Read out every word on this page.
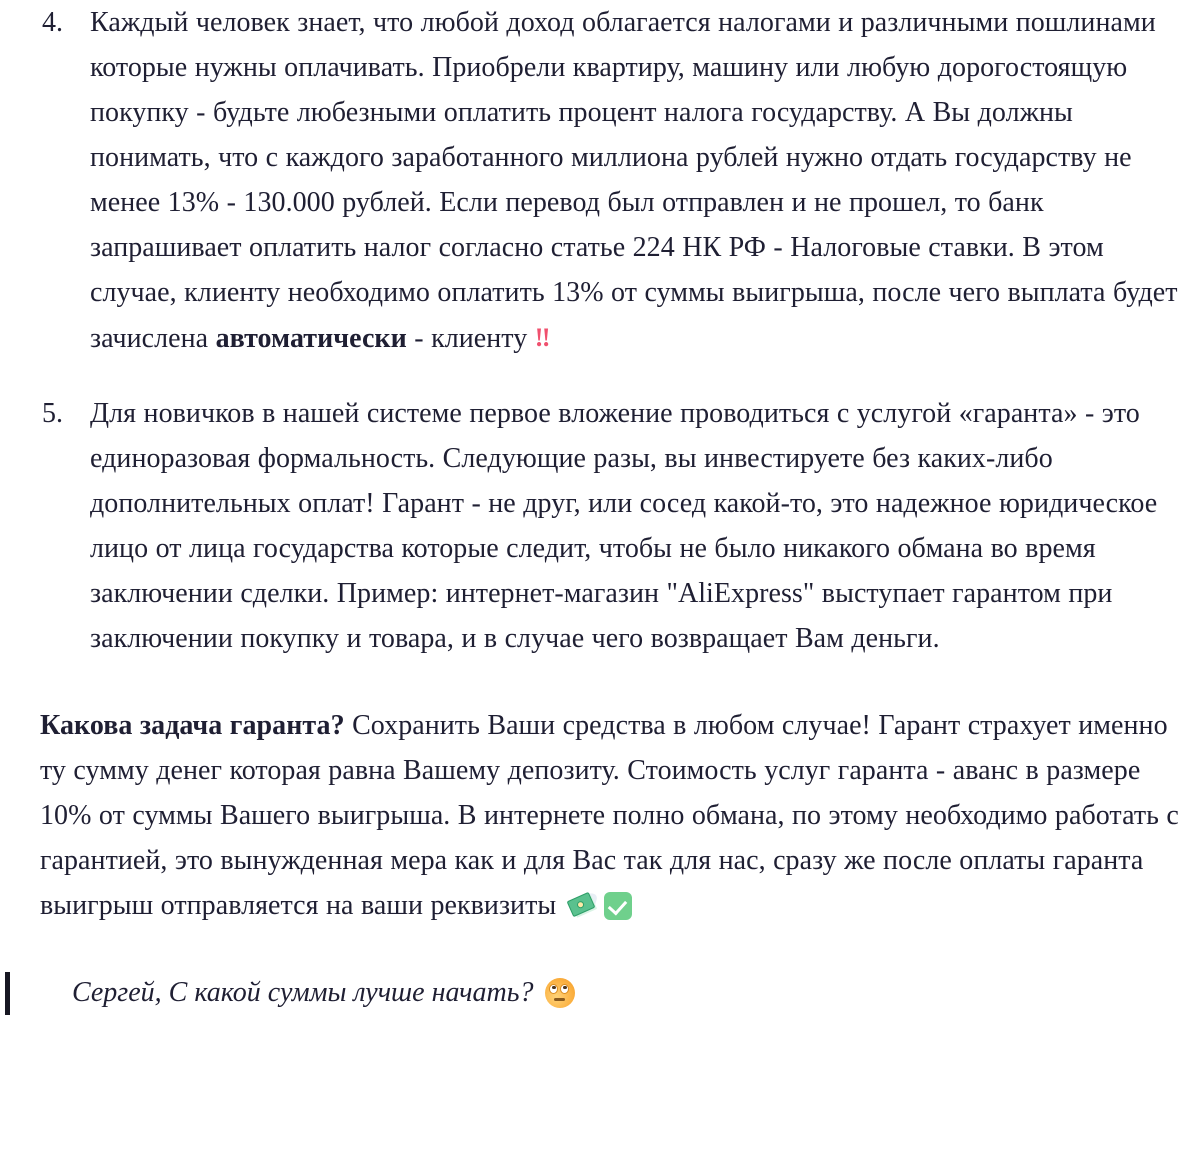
4. Каждый человек знает, что любой доход облагается налогами и различными пошлинами которые нужны оплачивать. Приобрели квартиру, машину или любую дорогостоящую покупку - будьте любезными оплатить процент налога государству. А Вы должны понимать, что с каждого заработанного миллиона рублей нужно отдать государству не менее 13% - 130.000 рублей. Если перевод был отправлен и не прошел, то банк запрашивает оплатить налог согласно статье 224 НК РФ - Налоговые ставки. В этом случае, клиенту необходимо оплатить 13% от суммы выигрыша, после чего выплата будет зачислена автоматически - клиенту ‼
5. Для новичков в нашей системе первое вложение проводиться с услугой «гаранта» - это единоразовая формальность. Следующие разы, вы инвестируете без каких-либо дополнительных оплат! Гарант - не друг, или сосед какой-то, это надежное юридическое лицо от лица государства которые следит, чтобы не было никакого обмана во время заключении сделки. Пример: интернет-магазин "AliExpress" выступает гарантом при заключении покупку и товара, и в случае чего возвращает Вам деньги.

Какова задача гаранта? Сохранить Ваши средства в любом случае! Гарант страхует именно ту сумму денег которая равна Вашему депозиту. Стоимость услуг гаранта - аванс в размере 10% от суммы Вашего выигрыша. В интернете полно обмана, по этому необходимо работать с гарантией, это вынужденная мера как и для Вас так для нас, сразу же после оплаты гаранта выигрыш отправляется на ваши реквизиты

Сергей, С какой суммы лучше начать?
